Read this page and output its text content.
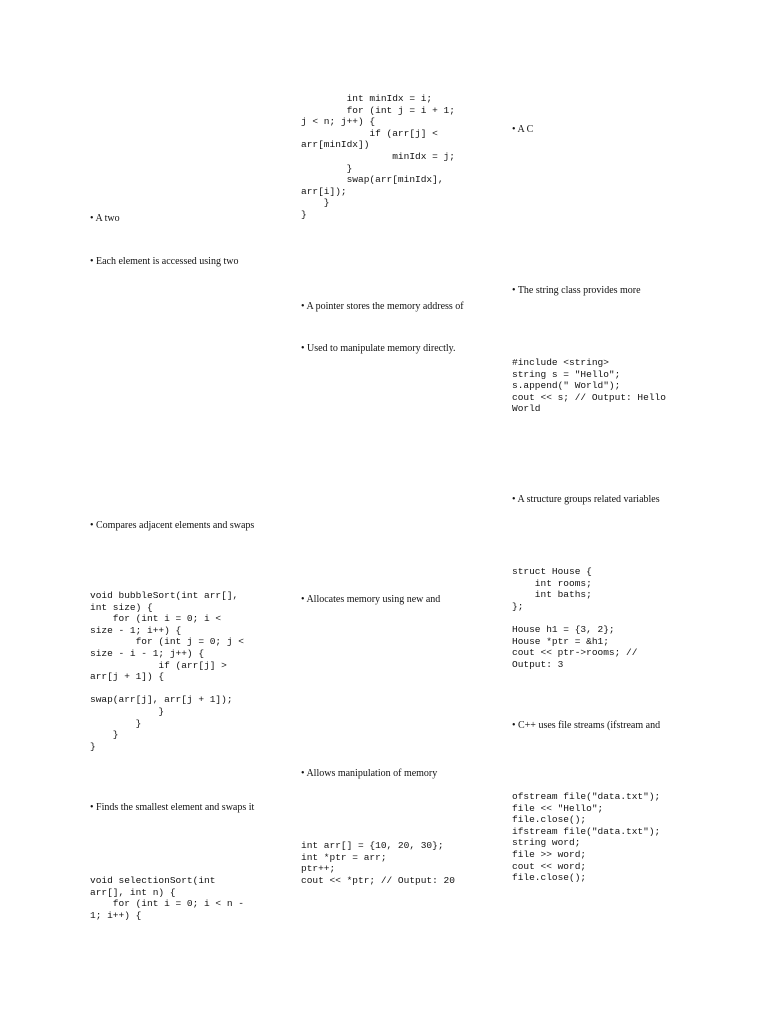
• A two
• Each element is accessed using two
• Compares adjacent elements and swaps
void bubbleSort(int arr[],
int size) {
for (int i = 0; i <
size - 1; i++) {
for (int j = 0; j <
size - i - 1; j++) {
if (arr[j] >
arr[j + 1]) {

swap(arr[j], arr[j + 1]);
}
}
}
}
• Finds the smallest element and swaps it
void selectionSort(int
arr[], int n) {
for (int i = 0; i < n -
1; i++) {
int minIdx = i;
for (int j = i + 1;
j < n; j++) {
if (arr[j] <
arr[minIdx])
minIdx = j;
}
swap(arr[minIdx],
arr[i]);
}
}
• A pointer stores the memory address of
• Used to manipulate memory directly.
• Allocates memory using new and
• Allows manipulation of memory
int arr[] = {10, 20, 30};
int *ptr = arr;
ptr++;
cout << *ptr; // Output: 20
• A C
• The string class provides more
#include <string>
string s = "Hello";
s.append(" World");
cout << s; // Output: Hello
World
• A structure groups related variables
struct House {
int rooms;
int baths;
};

House h1 = {3, 2};
House *ptr = &h1;
cout << ptr->rooms; //
Output: 3
• C++ uses file streams (ifstream and
ofstream file("data.txt");
file << "Hello";
file.close();
ifstream file("data.txt");
string word;
file >> word;
cout << word;
file.close();
